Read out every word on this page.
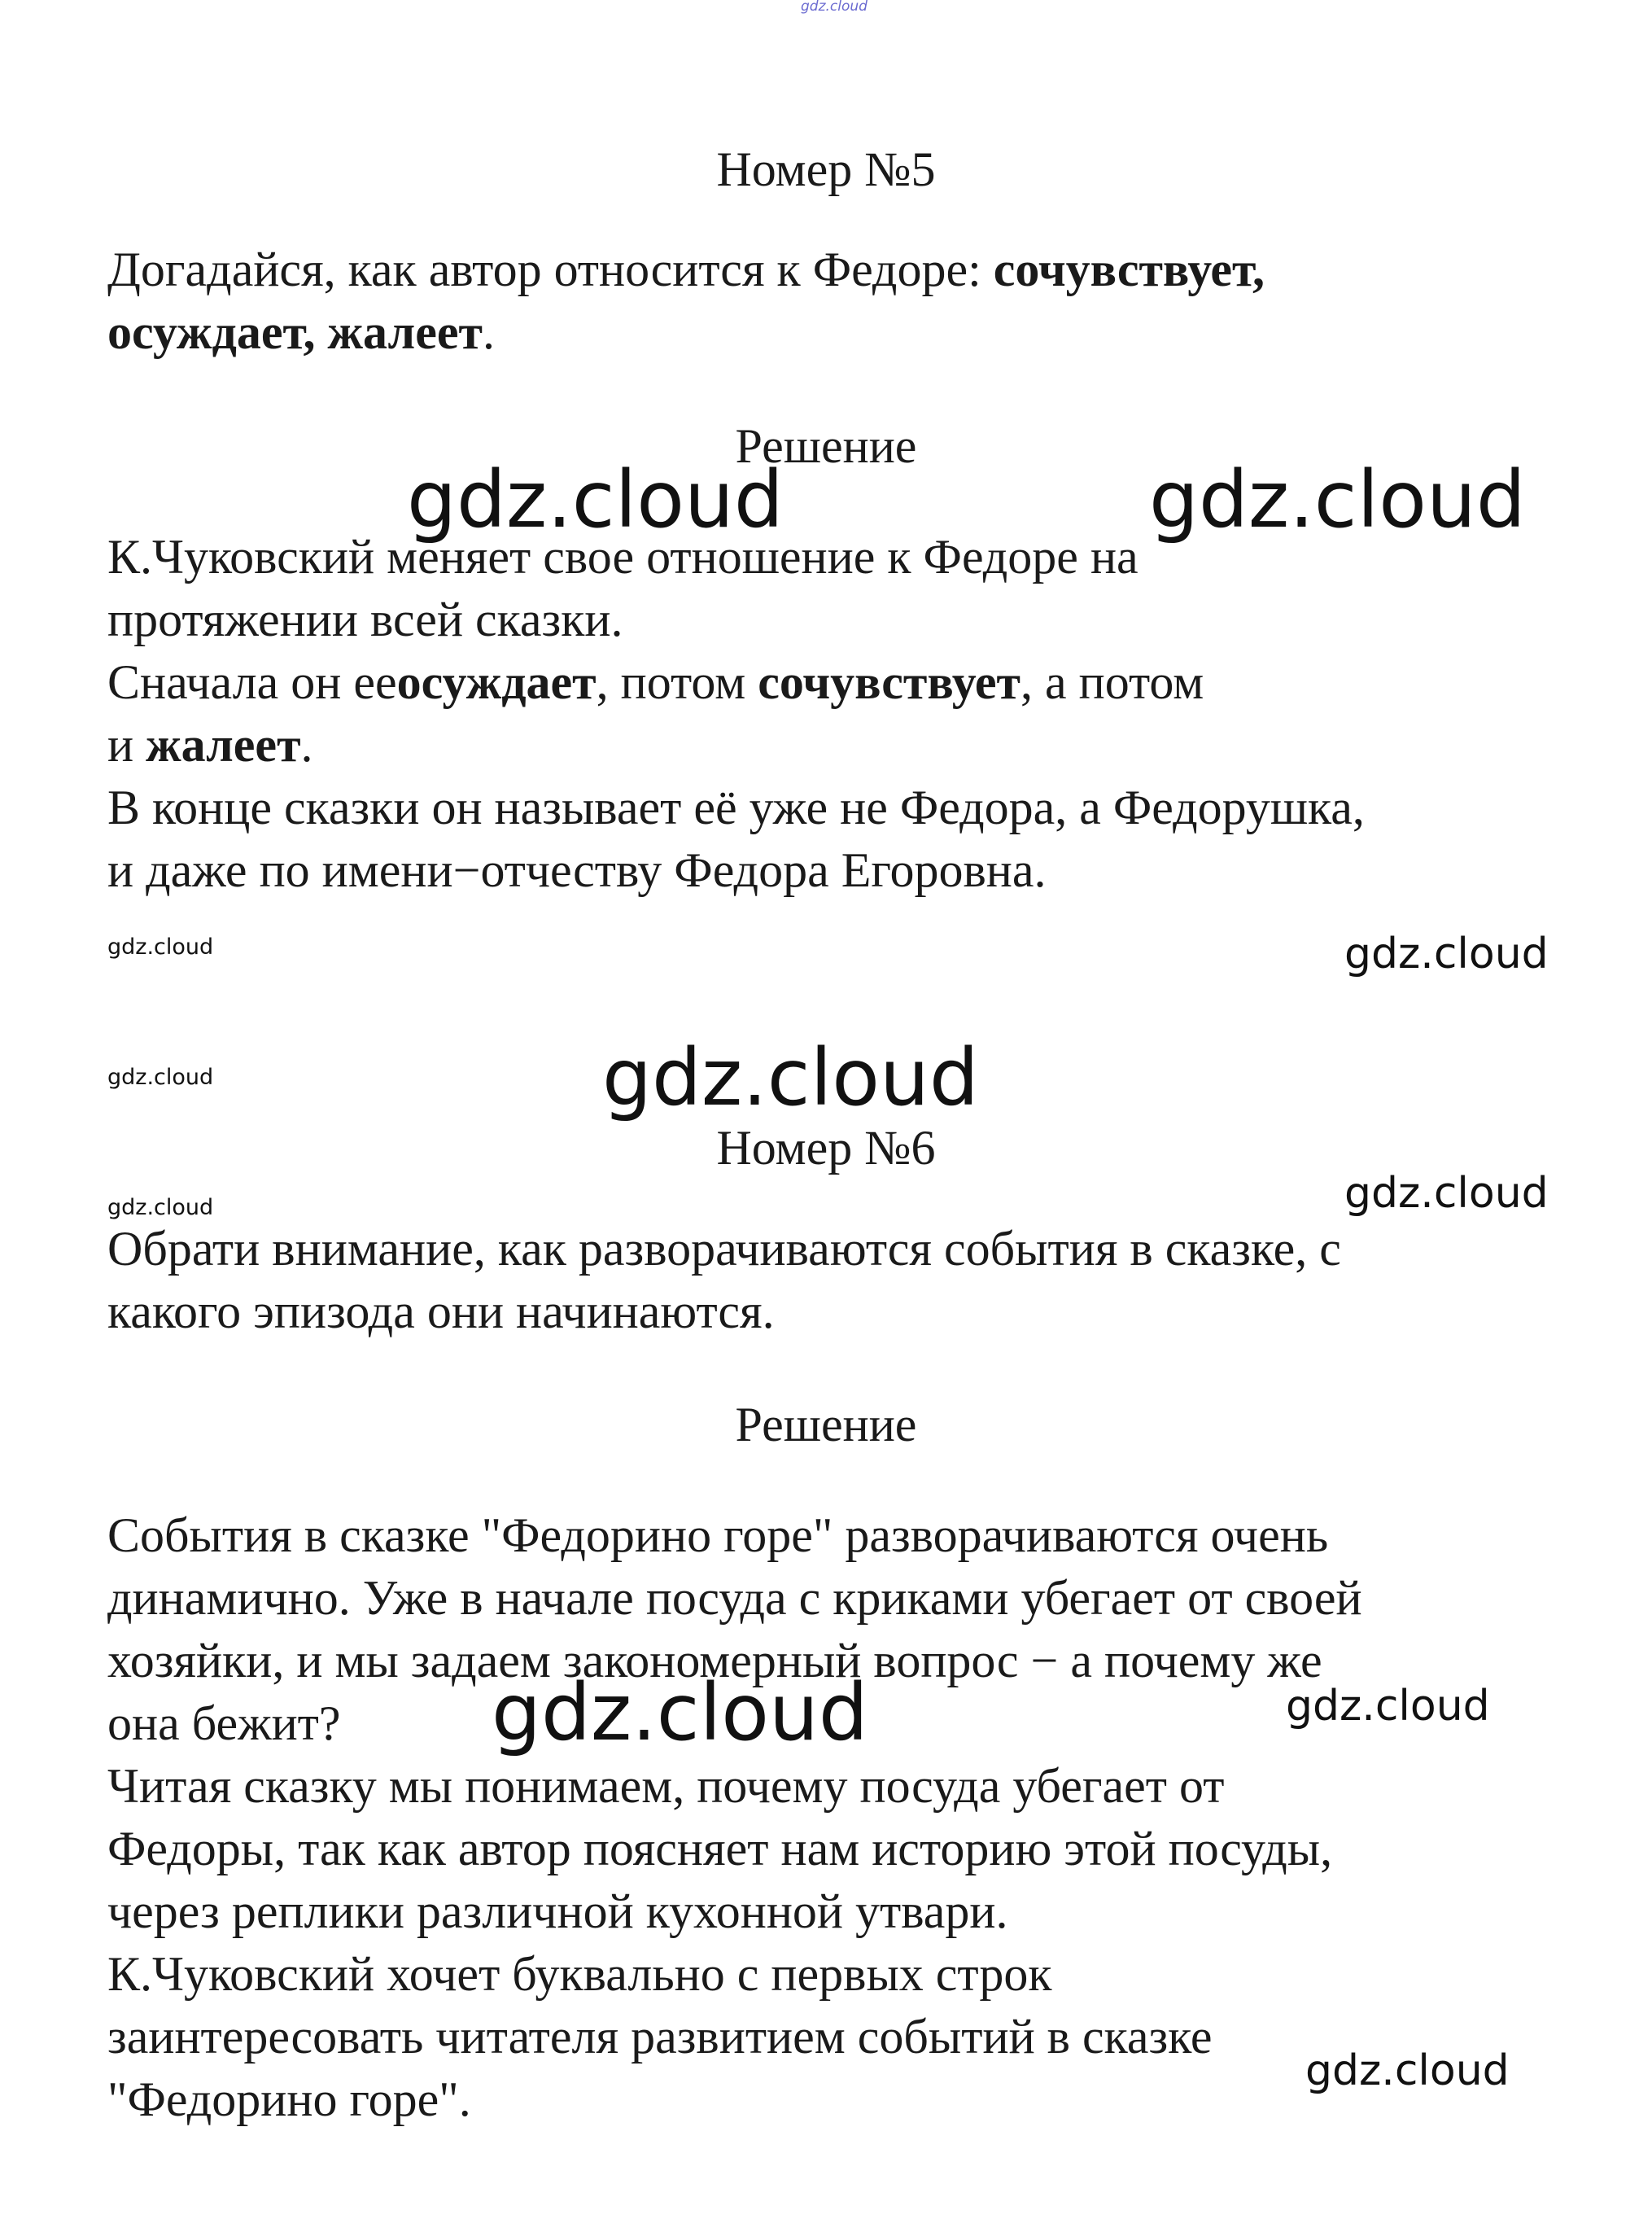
gdz.cloud
Номер №5
Догадайся, как автор относится к Федоре: сочувствует,
осуждает, жалеет.
Решение
К.Чуковский меняет свое отношение к Федоре на
протяжении всей сказки.
Сначала он ееосуждает, потом сочувствует, а потом
и жалеет.
В конце сказки он называет её уже не Федора, а Федорушка,
и даже по имени−отчеству Федора Егоровна.
Номер №6
Обрати внимание, как разворачиваются события в сказке, с
какого эпизода они начинаются.
Решение
События в сказке "Федорино горе" разворачиваются очень
динамично. Уже в начале посуда с криками убегает от своей
хозяйки, и мы задаем закономерный вопрос − а почему же
она бежит?
Читая сказку мы понимаем, почему посуда убегает от
Федоры, так как автор поясняет нам историю этой посуды,
через реплики различной кухонной утвари.
К.Чуковский хочет буквально с первых строк
заинтересовать читателя развитием событий в сказке
"Федорино горе".
gdz.cloud	gdz.cloud
gdz.cloud	gdz.cloud
gdz.cloud	gdz.cloud
gdz.cloud	gdz.cloud
gdz.cloud	gdz.cloud
gdz.cloud
